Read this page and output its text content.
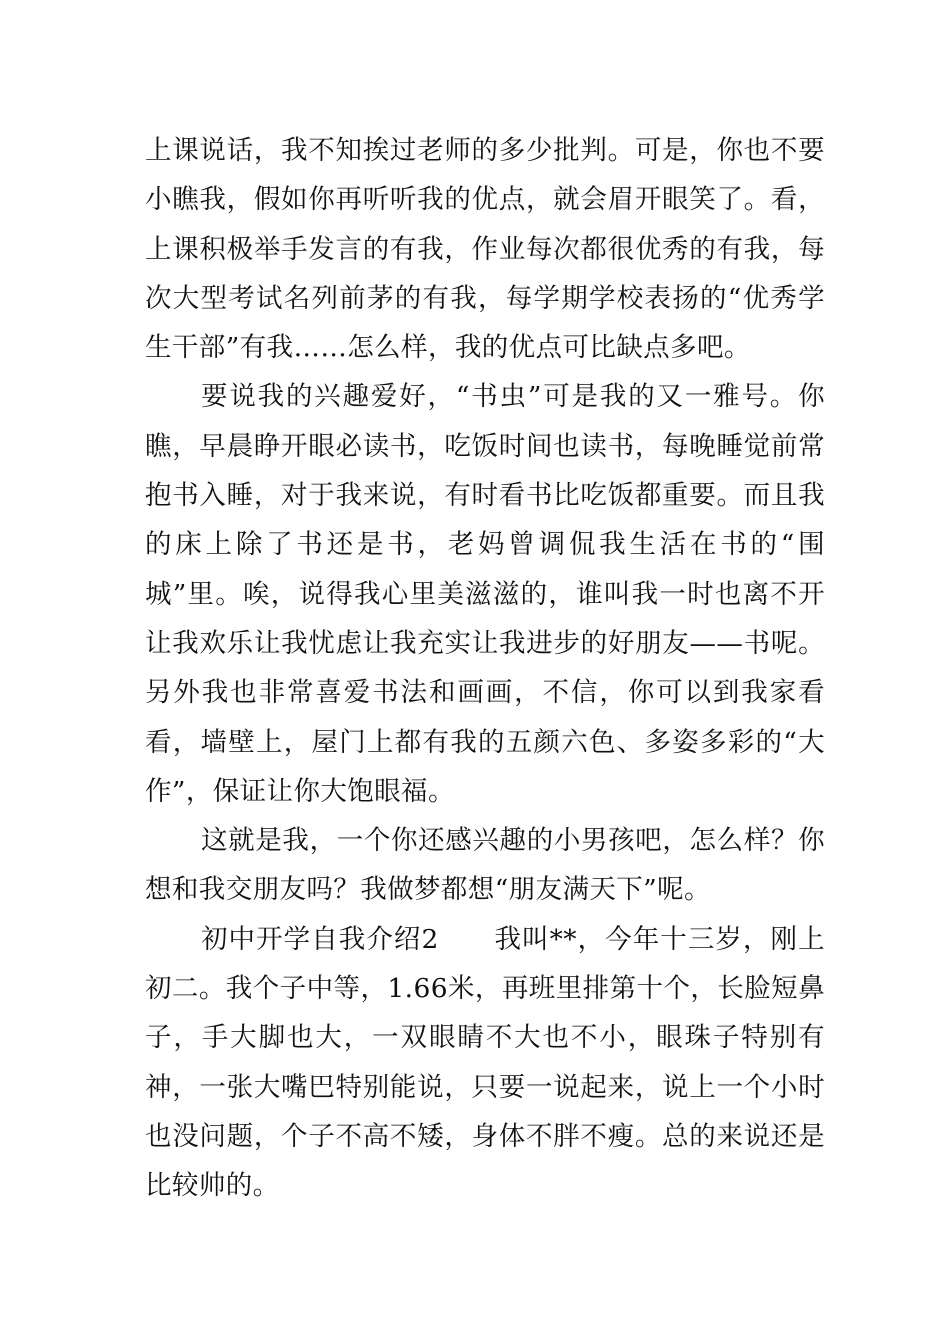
上课说话，我不知挨过老师的多少批判。可是，你也不要小瞧我，假如你再听听我的优点，就会眉开眼笑了。看，上课积极举手发言的有我，作业每次都很优秀的有我，每次大型考试名列前茅的有我，每学期学校表扬的“优秀学生干部”有我……怎么样，我的优点可比缺点多吧。

要说我的兴趣爱好，“书虫”可是我的又一雅号。你瞧，早晨睁开眼必读书，吃饭时间也读书，每晚睡觉前常抱书入睡，对于我来说，有时看书比吃饭都重要。而且我的床上除了书还是书，老妈曾调侃我生活在书的“围城”里。唉，说得我心里美滋滋的，谁叫我一时也离不开让我欢乐让我忧虑让我充实让我进步的好朋友——书呢。另外我也非常喜爱书法和画画，不信，你可以到我家看看，墙壁上，屋门上都有我的五颜六色、多姿多彩的“大作”，保证让你大饱眼福。

这就是我，一个你还感兴趣的小男孩吧，怎么样？你想和我交朋友吗？我做梦都想“朋友满天下”呢。

初中开学自我介绍2　　我叫**，今年十三岁，刚上初二。我个子中等，1.66米，再班里排第十个，长脸短鼻子，手大脚也大，一双眼睛不大也不小，眼珠子特别有神，一张大嘴巴特别能说，只要一说起来，说上一个小时也没问题，个子不高不矮，身体不胖不瘦。总的来说还是比较帅的。
